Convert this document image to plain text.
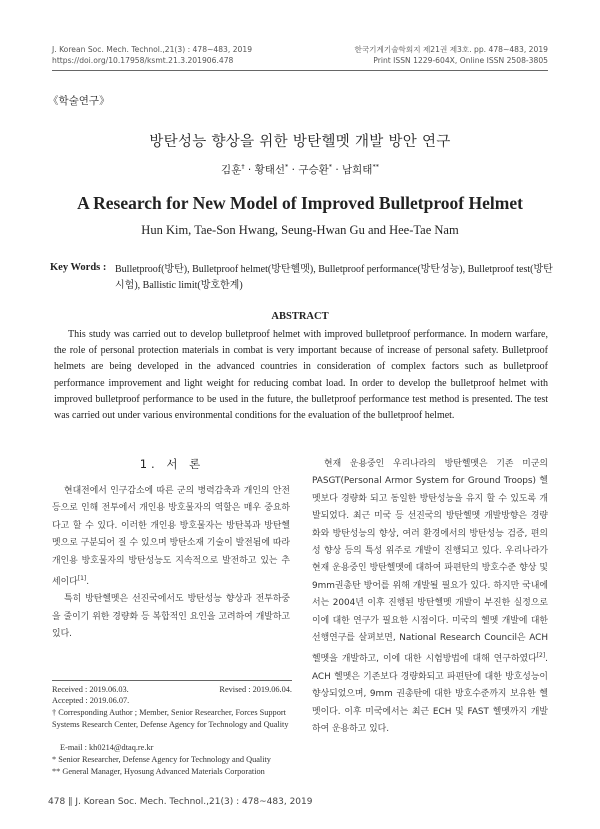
J. Korean Soc. Mech. Technol.,21(3) : 478~483, 2019
https://doi.org/10.17958/ksmt.21.3.201906.478
한국기계기술학회지 제21권 제3호. pp. 478~483, 2019
Print ISSN 1229-604X, Online ISSN 2508-3805
《학술연구》
방탄성능 향상을 위한 방탄헬멧 개발 방안 연구
김훈† · 황태선* · 구승환* · 남희태**
A Research for New Model of Improved Bulletproof Helmet
Hun Kim, Tae-Son Hwang, Seung-Hwan Gu and Hee-Tae Nam
Key Words : Bulletproof(방탄), Bulletproof helmet(방탄헬멧), Bulletproof performance(방탄성능), Bulletproof test(방탄시험), Ballistic limit(방호한계)
ABSTRACT
This study was carried out to develop bulletproof helmet with improved bulletproof performance. In modern warfare, the role of personal protection materials in combat is very important because of increase of personal safety. Bulletproof helmets are being developed in the advanced countries in consideration of complex factors such as bulletproof performance improvement and light weight for reducing combat load. In order to develop the bulletproof helmet with improved bulletproof performance to be used in the future, the bulletproof performance test method is presented. The test was carried out under various environmental conditions for the evaluation of the bulletproof helmet.
1. 서 론

현대전에서 인구감소에 따른 군의 병력감축과 개인의 안전 등으로 인해 전투에서 개인용 방호물자의 역할은 매우 중요하다고 할 수 있다. 이러한 개인용 방호물자는 방탄복과 방탄헬멧으로 구분되어 질 수 있으며 방탄소재 기술이 발전됨에 따라 개인용 방호물자의 방탄성능도 지속적으로 발전하고 있는 추세이다[1].

특히 방탄헬멧은 선진국에서도 방탄성능 향상과 전투하중을 줄이기 위한 경량화 등 복합적인 요인을 고려하여 개발하고 있다.

Received : 2019.06.03.	Revised : 2019.06.04.
Accepted : 2019.06.07.
† Corresponding Author ; Member, Senior Researcher, Forces Support Systems Research Center, Defense Agency for Technology and Quality
E-mail : kh0214@dtaq.re.kr
* Senior Researcher, Defense Agency for Technology and Quality
** General Manager, Hyosung Advanced Materials Corporation

현재 운용중인 우리나라의 방탄헬멧은 기존 미군의 PASGT(Personal Armor System for Ground Troops) 헬멧보다 경량화 되고 동일한 방탄성능을 유지 할 수 있도록 개발되었다. 최근 미국 등 선진국의 방탄헬멧 개발방향은 경량화와 방탄성능의 향상, 여러 환경에서의 방탄성능 검증, 편의성 향상 등의 특성 위주로 개발이 진행되고 있다. 우리나라가 현재 운용중인 방탄헬멧에 대하여 파편탄의 방호수준 향상 및 9mm권총탄 방어를 위해 개발될 필요가 있다. 하지만 국내에서는 2004년 이후 진행된 방탄헬멧 개발이 부진한 실정으로 이에 대한 연구가 필요한 시점이다. 미국의 헬멧 개발에 대한 선행연구를 살펴보면, National Research Council은 ACH 헬멧을 개발하고, 이에 대한 시험방법에 대해 연구하였다[2]. ACH 헬멧은 기존보다 경량화되고 파편탄에 대한 방호성능이 향상되었으며, 9mm 권총탄에 대한 방호수준까지 보유한 헬멧이다. 이후 미국에서는 최근 ECH 및 FAST 헬멧까지 개발하여 운용하고 있다.

478 ∥ J. Korean Soc. Mech. Technol.,21(3) : 478~483, 2019
